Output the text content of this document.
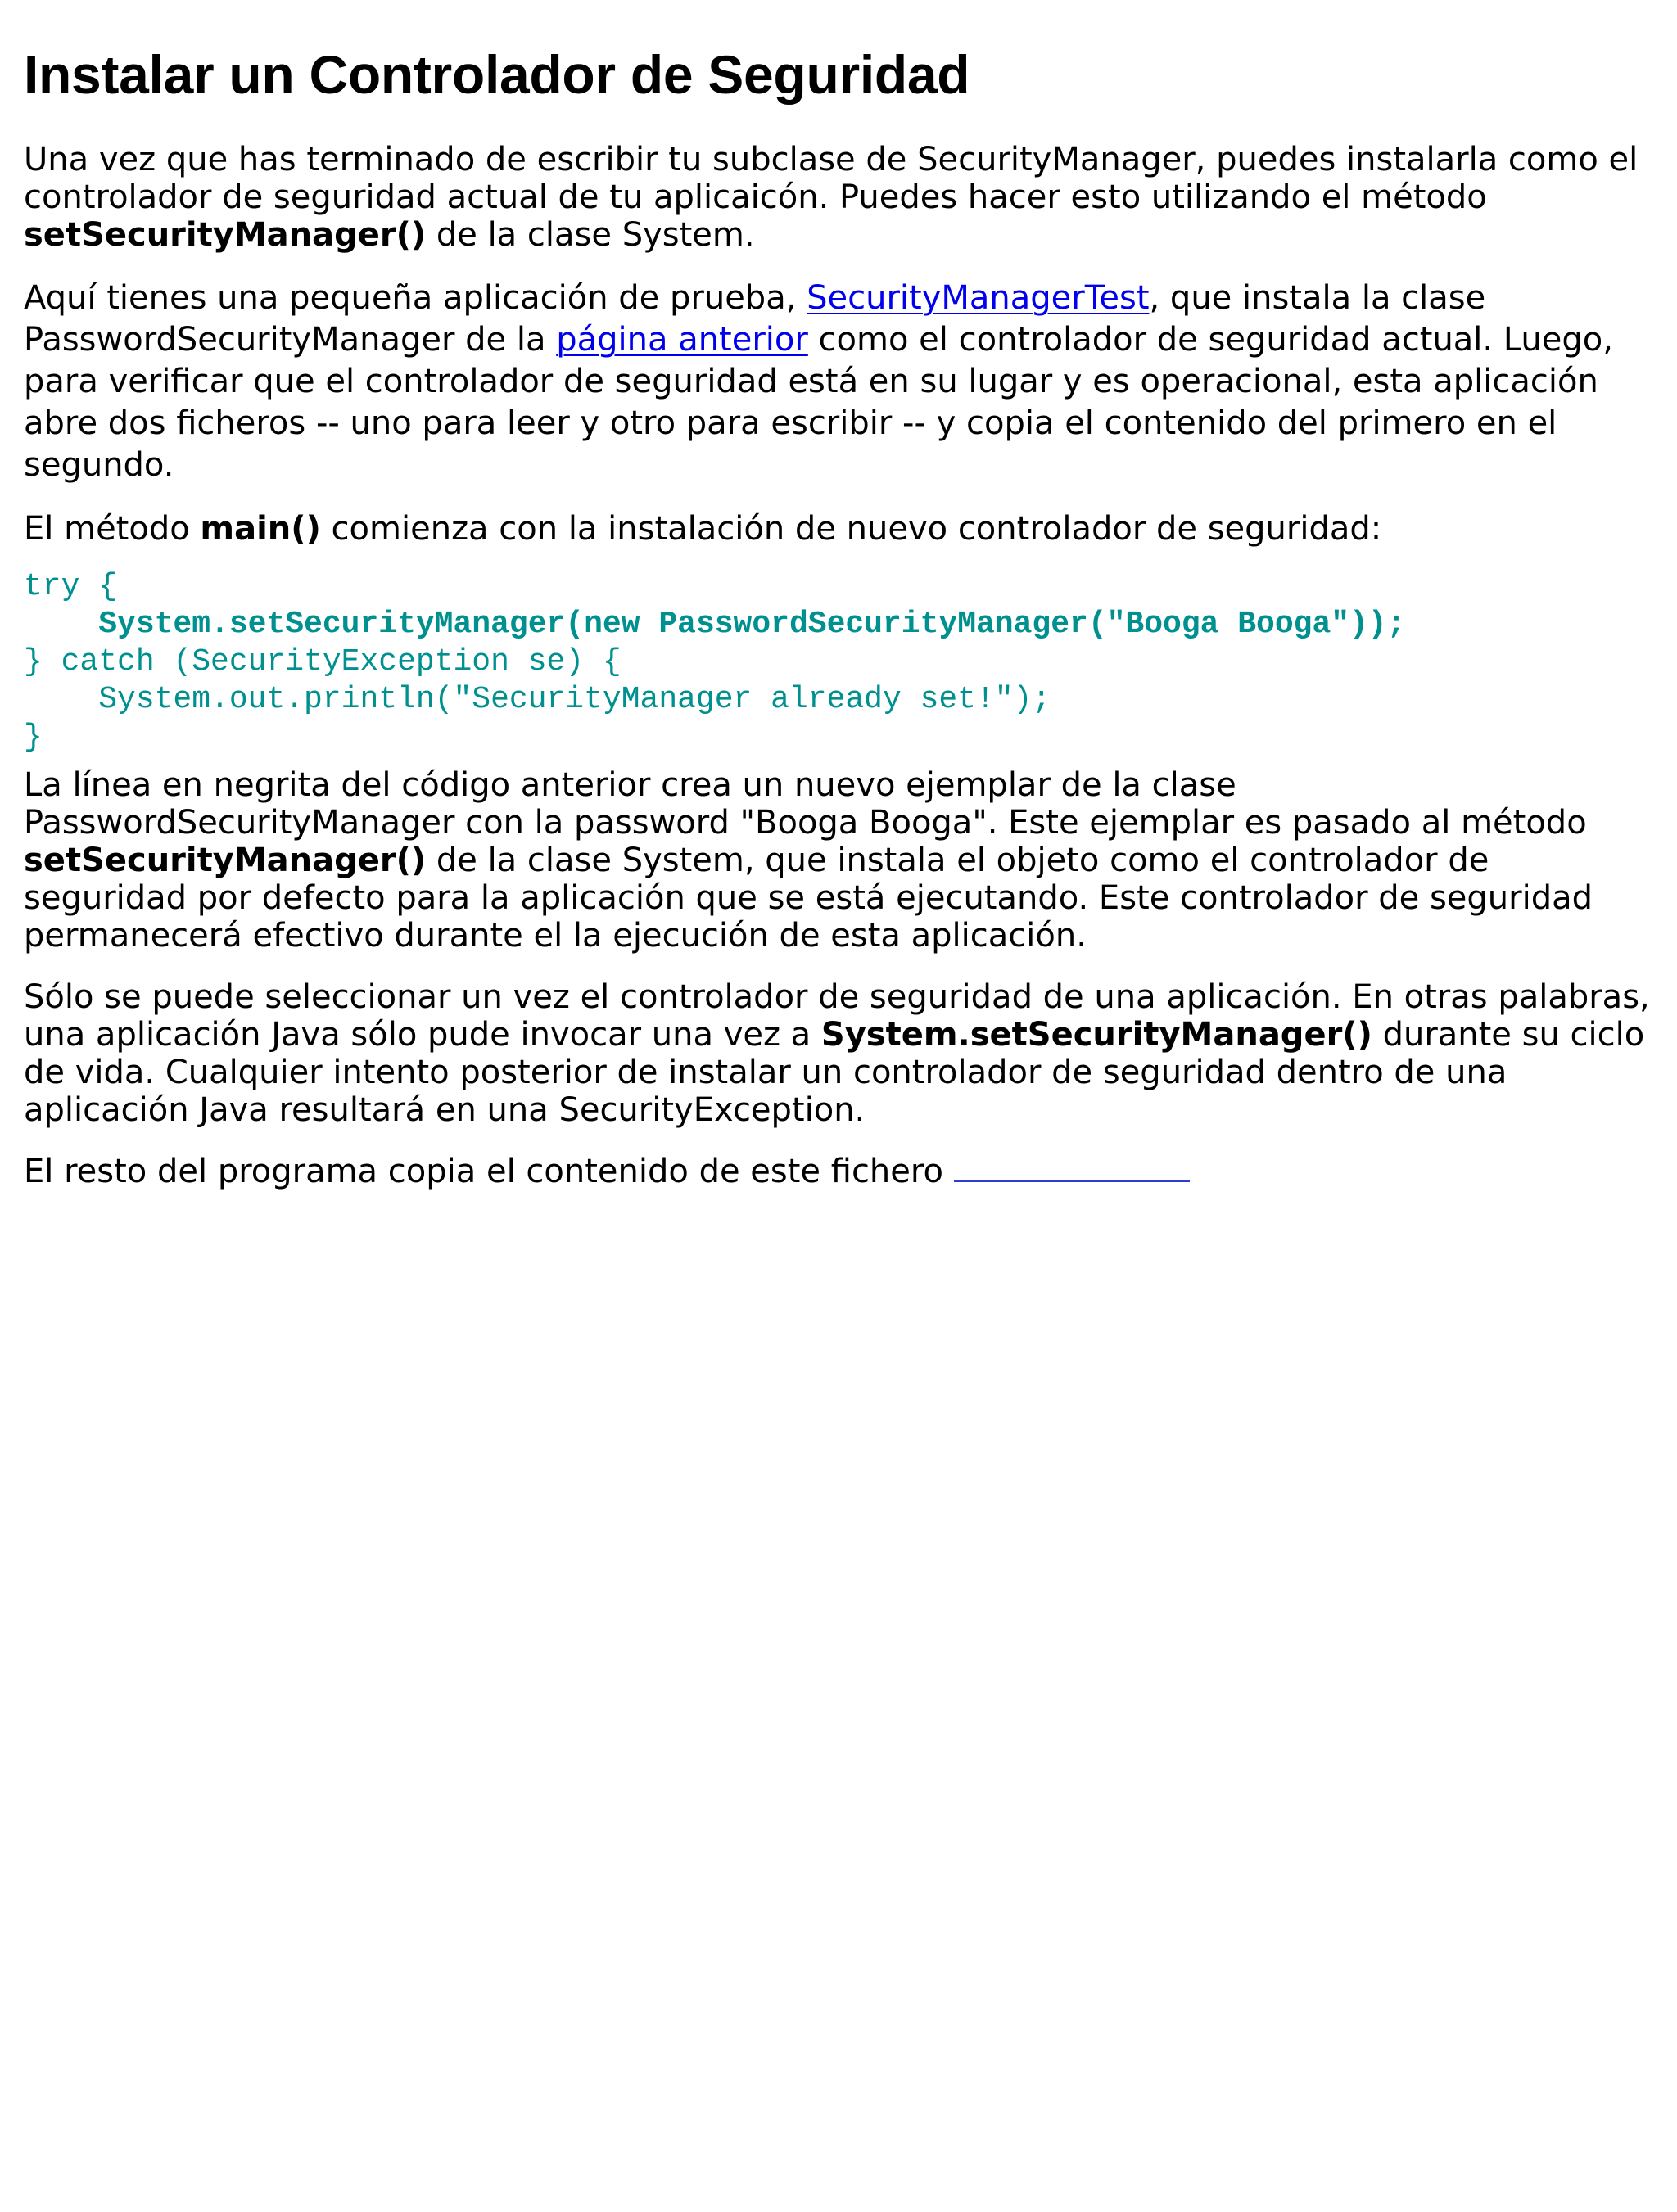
Instalar un Controlador de Seguridad

Una vez que has terminado de escribir tu subclase de SecurityManager, puedes instalarla como el controlador de seguridad actual de tu aplicaicón. Puedes hacer esto utilizando el método setSecurityManager() de la clase System.

Aquí tienes una pequeña aplicación de prueba, SecurityManagerTest, que instala la clase PasswordSecurityManager de la página anterior como el controlador de seguridad actual. Luego, para verificar que el controlador de seguridad está en su lugar y es operacional, esta aplicación abre dos ficheros -- uno para leer y otro para escribir -- y copia el contenido del primero en el segundo.

El método main() comienza con la instalación de nuevo controlador de seguridad:

try {
System.setSecurityManager(new PasswordSecurityManager("Booga Booga"));
} catch (SecurityException se) {
System.out.println("SecurityManager already set!");
}

La línea en negrita del código anterior crea un nuevo ejemplar de la clase PasswordSecurityManager con la password "Booga Booga". Este ejemplar es pasado al método setSecurityManager() de la clase System, que instala el objeto como el controlador de seguridad por defecto para la aplicación que se está ejecutando. Este controlador de seguridad permanecerá efectivo durante el la ejecución de esta aplicación.

Sólo se puede seleccionar un vez el controlador de seguridad de una aplicación. En otras palabras, una aplicación Java sólo pude invocar una vez a System.setSecurityManager() durante su ciclo de vida. Cualquier intento posterior de instalar un controlador de seguridad dentro de una aplicación Java resultará en una SecurityException.

El resto del programa copia el contenido de este fichero
